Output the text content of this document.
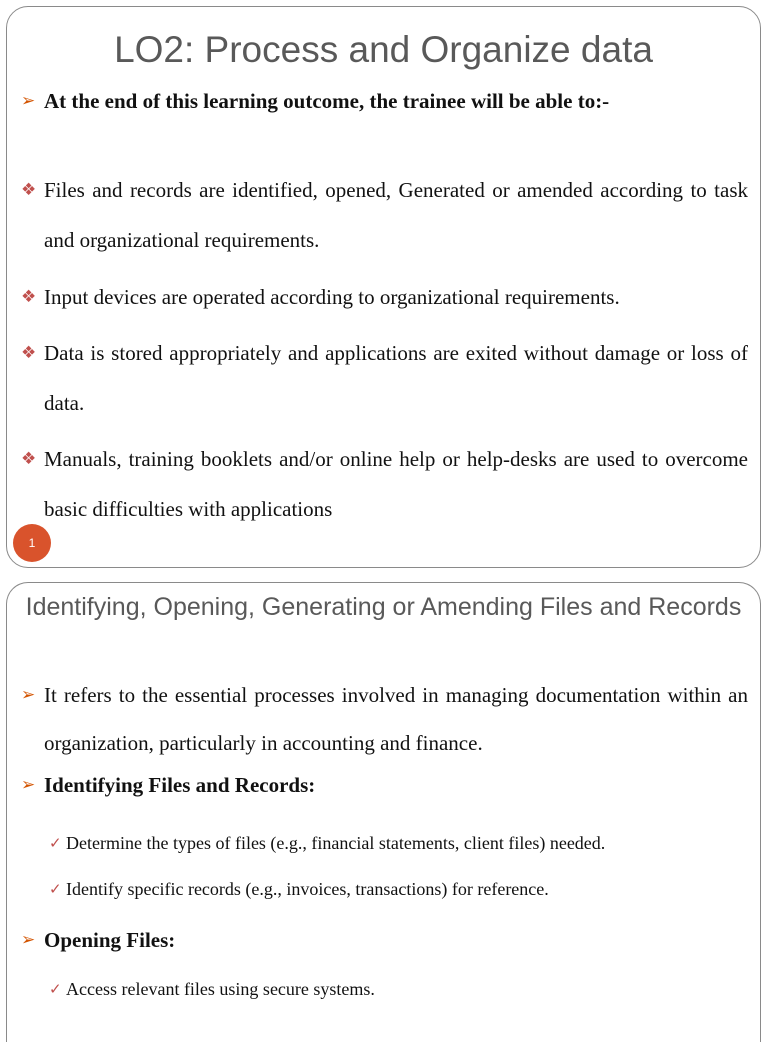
LO2: Process and Organize data
➢ At the end of this learning outcome, the trainee will be able to:-
❖ Files and records are identified, opened, Generated or amended according to task and organizational requirements.
❖ Input devices are operated according to organizational requirements.
❖ Data is stored appropriately and applications are exited without damage or loss of data.
❖ Manuals, training booklets and/or online help or help-desks are used to overcome basic difficulties with applications
1
Identifying, Opening, Generating or Amending Files and Records
➢ It refers to the essential processes involved in managing documentation within an organization, particularly in accounting and finance.
➢ Identifying Files and Records:
✓ Determine the types of files (e.g., financial statements, client files) needed.
✓ Identify specific records (e.g., invoices, transactions) for reference.
➢ Opening Files:
✓ Access relevant files using secure systems.
